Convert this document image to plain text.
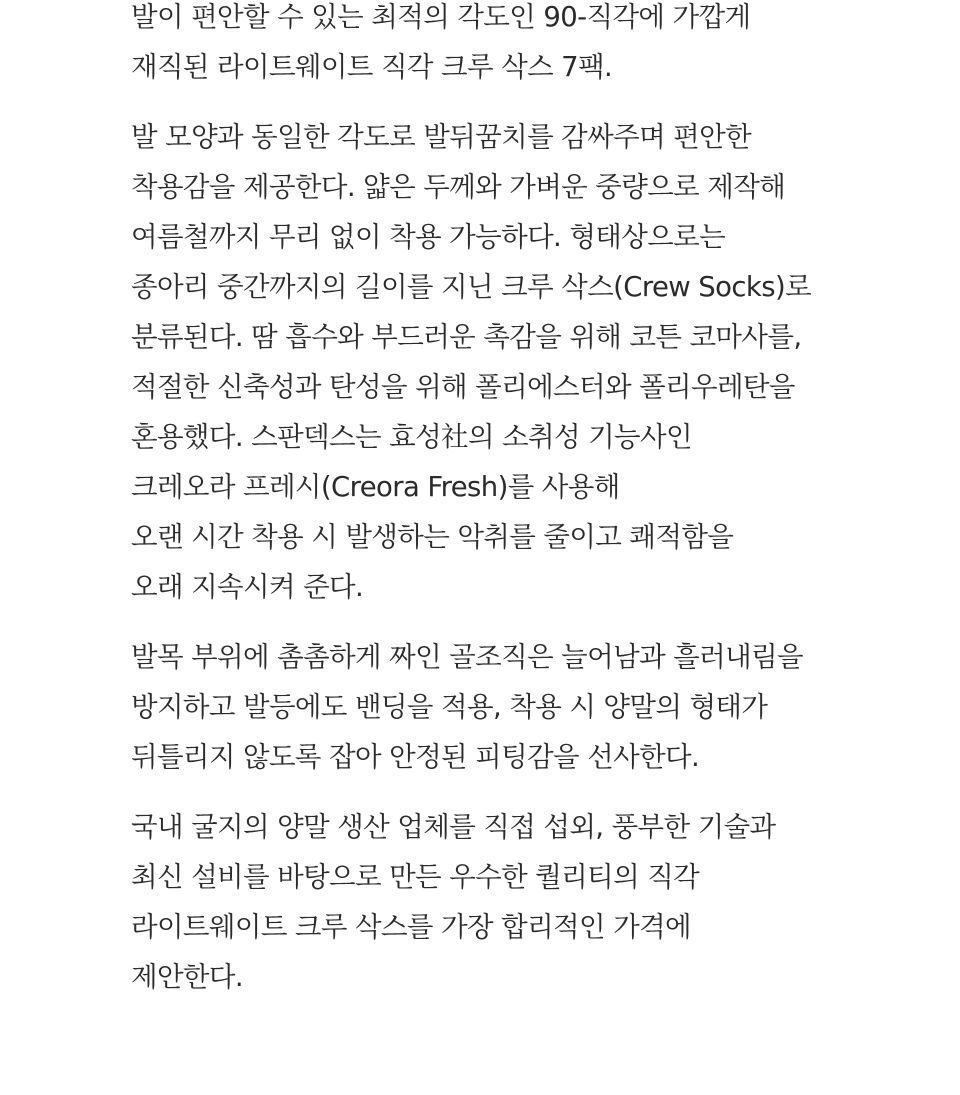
발이 편안할 수 있는 최적의 각도인 90-직각에 가깝게
재직된 라이트웨이트 직각 크루 삭스 7팩.

발 모양과 동일한 각도로 발뒤꿈치를 감싸주며 편안한
착용감을 제공한다. 얇은 두께와 가벼운 중량으로 제작해
여름철까지 무리 없이 착용 가능하다. 형태상으로는
종아리 중간까지의 길이를 지닌 크루 삭스(Crew Socks)로
분류된다. 땀 흡수와 부드러운 촉감을 위해 코튼 코마사를,
적절한 신축성과 탄성을 위해 폴리에스터와 폴리우레탄을
혼용했다. 스판덱스는 효성社의 소취성 기능사인
크레오라 프레시(Creora Fresh)를 사용해
오랜 시간 착용 시 발생하는 악취를 줄이고 쾌적함을
오래 지속시켜 준다.

발목 부위에 촘촘하게 짜인 골조직은 늘어남과 흘러내림을
방지하고 발등에도 밴딩을 적용, 착용 시 양말의 형태가
뒤틀리지 않도록 잡아 안정된 피팅감을 선사한다.

국내 굴지의 양말 생산 업체를 직접 섭외, 풍부한 기술과
최신 설비를 바탕으로 만든 우수한 퀄리티의 직각
라이트웨이트 크루 삭스를 가장 합리적인 가격에
제안한다.
